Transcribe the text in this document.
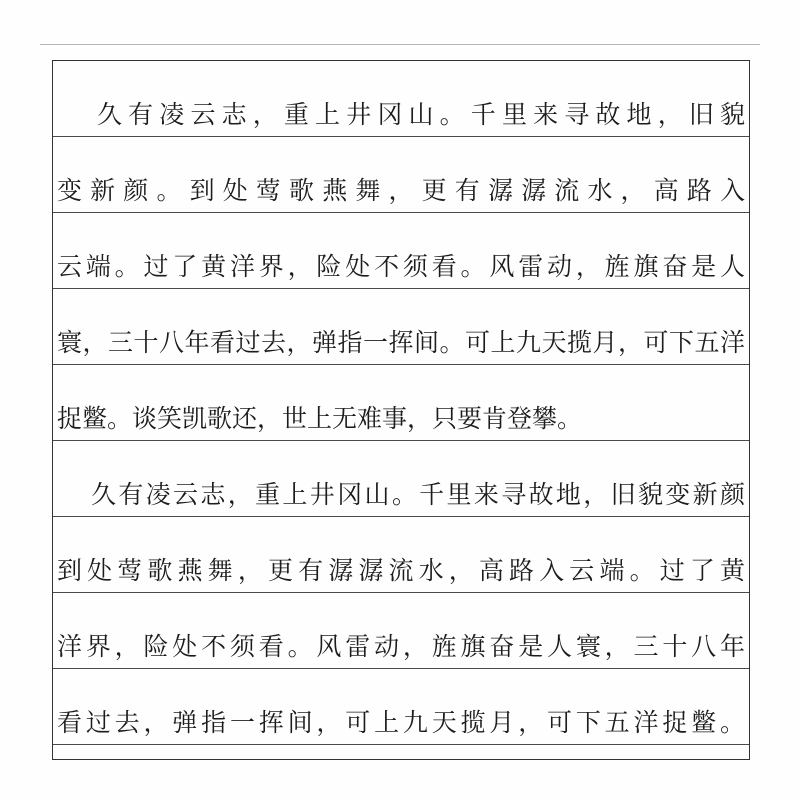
久有凌云志，重上井冈山。千里来寻故地，旧貌
变新颜。到处莺歌燕舞，更有潺潺流水，高路入
云端。过了黄洋界，险处不须看。风雷动，旌旗奋是人
寰，三十八年看过去，弹指一挥间。可上九天揽月，可下五洋
捉鳖。谈笑凯歌还，世上无难事，只要肯登攀。
久有凌云志，重上井冈山。千里来寻故地，旧貌变新颜
到处莺歌燕舞，更有潺潺流水，高路入云端。过了黄
洋界，险处不须看。风雷动，旌旗奋是人寰，三十八年
看过去，弹指一挥间，可上九天揽月，可下五洋捉鳖。
